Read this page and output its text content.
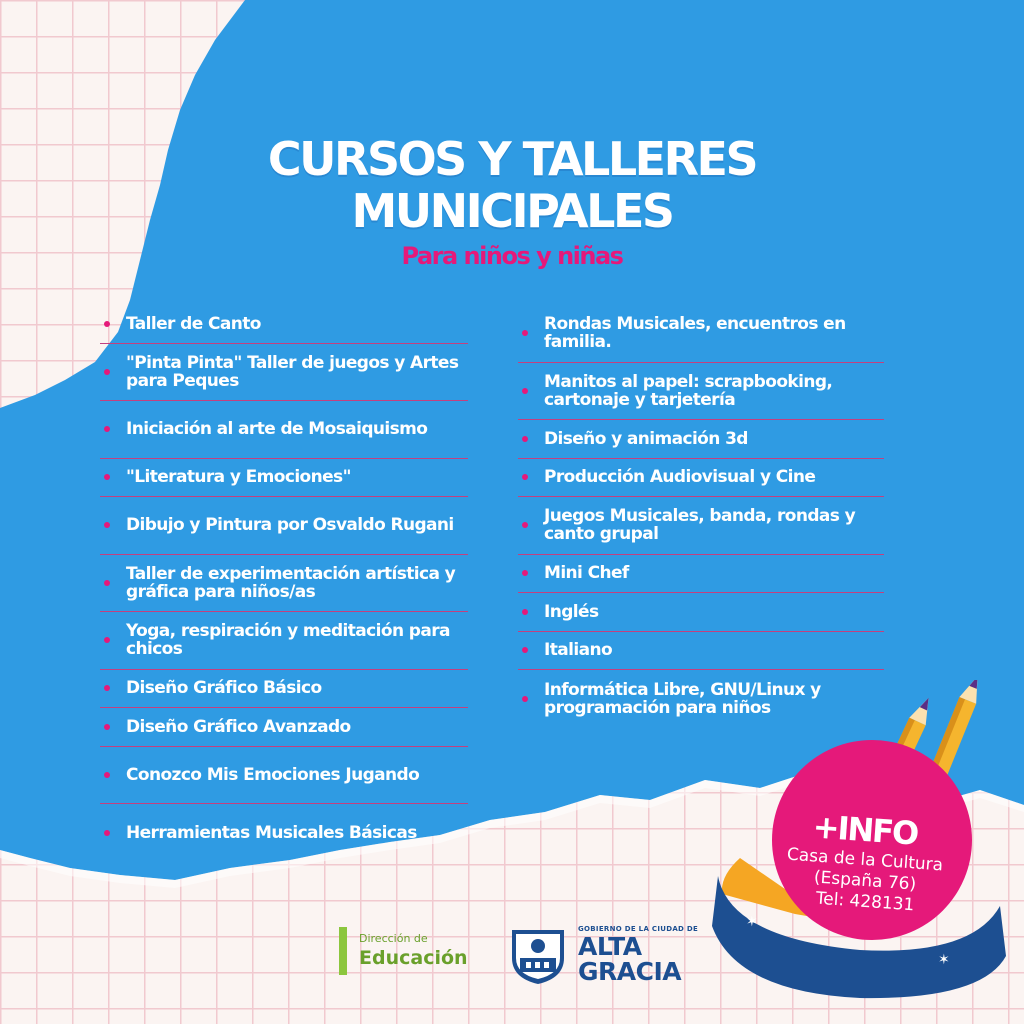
CURSOS Y TALLERES
MUNICIPALES
Para niños y niñas
Taller de Canto
"Pinta Pinta" Taller de juegos y Artes para Peques
Iniciación al arte de Mosaiquismo
"Literatura y Emociones"
Dibujo y Pintura por Osvaldo Rugani
Taller de experimentación artística y gráfica para niños/as
Yoga, respiración y meditación para chicos
Diseño Gráfico Básico
Diseño Gráfico Avanzado
Conozco Mis Emociones Jugando
Herramientas Musicales Básicas
Rondas Musicales, encuentros en familia.
Manitos al papel: scrapbooking, cartonaje y tarjetería
Diseño y animación 3d
Producción Audiovisual y Cine
Juegos Musicales, banda, rondas y canto grupal
Mini Chef
Inglés
Italiano
Informática Libre, GNU/Linux y programación para niños
✶
✶
+INFO
Casa de la Cultura
(España 76)
Tel: 428131
Dirección de
Educación
GOBIERNO DE LA CIUDAD DE
ALTA
GRACIA
